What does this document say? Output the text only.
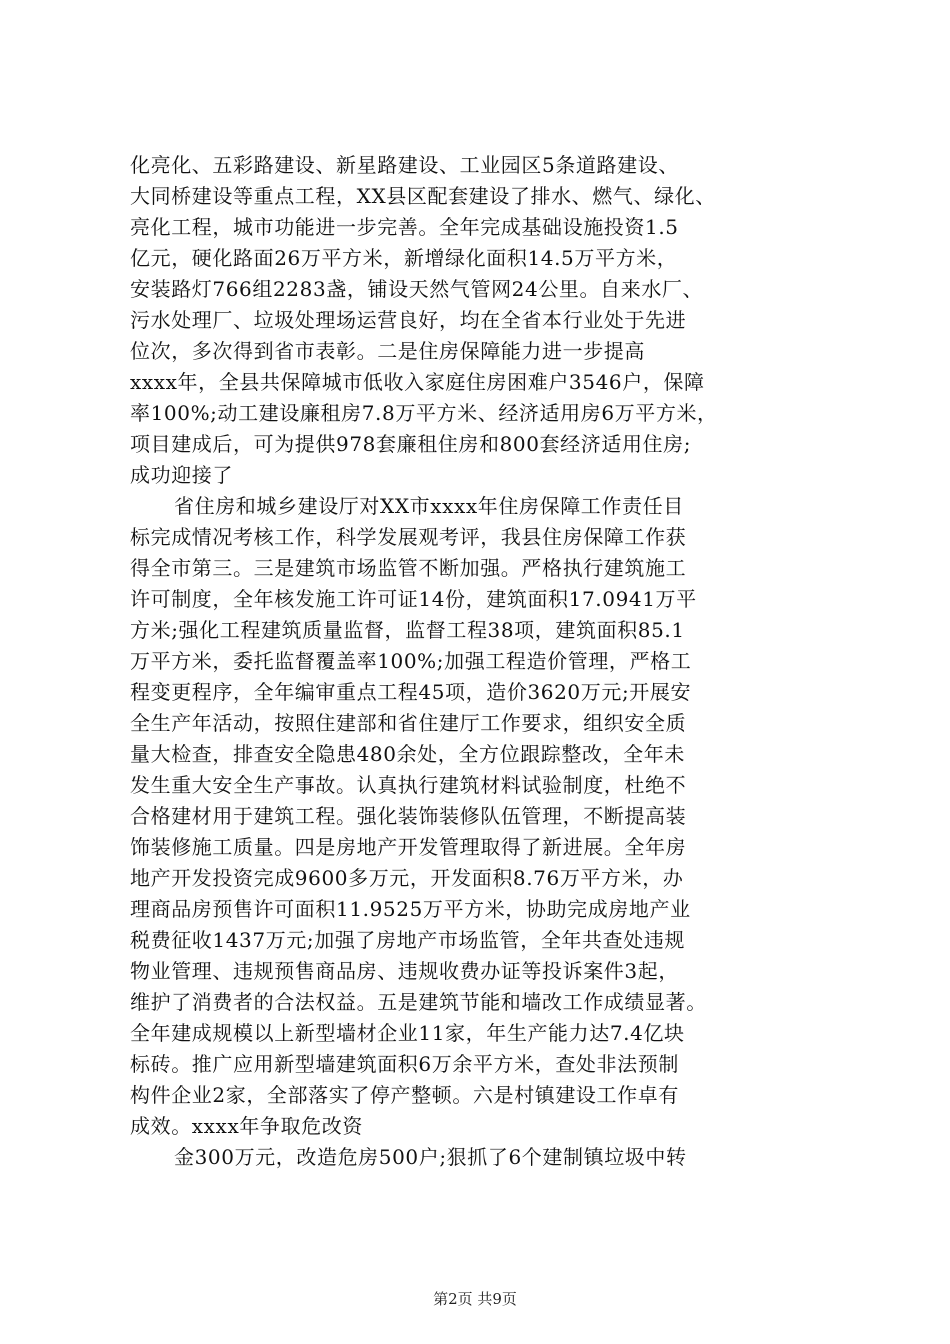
化亮化、五彩路建设、新星路建设、工业园区5条道路建设、
大同桥建设等重点工程，XX县区配套建设了排水、燃气、绿化、
亮化工程，城市功能进一步完善。全年完成基础设施投资1.5
亿元，硬化路面26万平方米，新增绿化面积14.5万平方米，
安装路灯766组2283盏，铺设天然气管网24公里。自来水厂、
污水处理厂、垃圾处理场运营良好，均在全省本行业处于先进
位次，多次得到省市表彰。二是住房保障能力进一步提高
xxxx年，全县共保障城市低收入家庭住房困难户3546户，保障
率100%;动工建设廉租房7.8万平方米、经济适用房6万平方米，
项目建成后，可为提供978套廉租住房和800套经济适用住房;
成功迎接了
省住房和城乡建设厅对XX市xxxx年住房保障工作责任目
标完成情况考核工作，科学发展观考评，我县住房保障工作获
得全市第三。三是建筑市场监管不断加强。严格执行建筑施工
许可制度，全年核发施工许可证14份，建筑面积17.0941万平
方米;强化工程建筑质量监督，监督工程38项，建筑面积85.1
万平方米，委托监督覆盖率100%;加强工程造价管理，严格工
程变更程序，全年编审重点工程45项，造价3620万元;开展安
全生产年活动，按照住建部和省住建厅工作要求，组织安全质
量大检查，排查安全隐患480余处，全方位跟踪整改，全年未
发生重大安全生产事故。认真执行建筑材料试验制度，杜绝不
合格建材用于建筑工程。强化装饰装修队伍管理，不断提高装
饰装修施工质量。四是房地产开发管理取得了新进展。全年房
地产开发投资完成9600多万元，开发面积8.76万平方米，办
理商品房预售许可面积11.9525万平方米，协助完成房地产业
税费征收1437万元;加强了房地产市场监管，全年共查处违规
物业管理、违规预售商品房、违规收费办证等投诉案件3起，
维护了消费者的合法权益。五是建筑节能和墙改工作成绩显著。
全年建成规模以上新型墙材企业11家，年生产能力达7.4亿块
标砖。推广应用新型墙建筑面积6万余平方米，查处非法预制
构件企业2家，全部落实了停产整顿。六是村镇建设工作卓有
成效。xxxx年争取危改资
金300万元，改造危房500户;狠抓了6个建制镇垃圾中转
第2页 共9页
